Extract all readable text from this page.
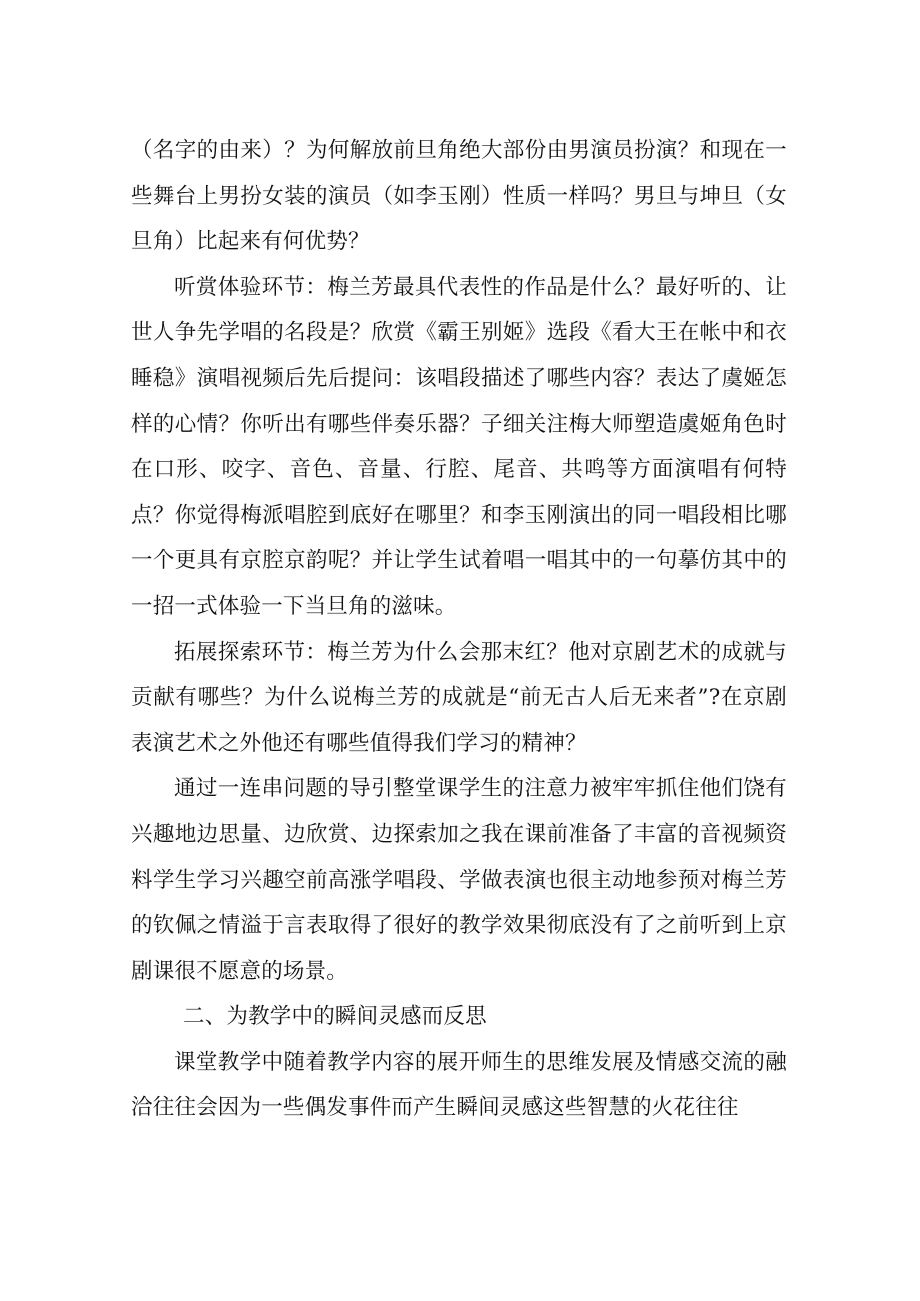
（名字的由来）？为何解放前旦角绝大部份由男演员扮演？和现在一些舞台上男扮女装的演员（如李玉刚）性质一样吗？男旦与坤旦（女旦角）比起来有何优势？

听赏体验环节：梅兰芳最具代表性的作品是什么？最好听的、让世人争先学唱的名段是？欣赏《霸王别姬》选段《看大王在帐中和衣睡稳》演唱视频后先后提问：该唱段描述了哪些内容？表达了虞姬怎样的心情？你听出有哪些伴奏乐器？子细关注梅大师塑造虞姬角色时在口形、咬字、音色、音量、行腔、尾音、共鸣等方面演唱有何特点？你觉得梅派唱腔到底好在哪里？和李玉刚演出的同一唱段相比哪一个更具有京腔京韵呢？并让学生试着唱一唱其中的一句摹仿其中的一招一式体验一下当旦角的滋味。

拓展探索环节：梅兰芳为什么会那末红？他对京剧艺术的成就与贡献有哪些？为什么说梅兰芳的成就是“前无古人后无来者”?在京剧表演艺术之外他还有哪些值得我们学习的精神？

通过一连串问题的导引整堂课学生的注意力被牢牢抓住他们饶有兴趣地边思量、边欣赏、边探索加之我在课前准备了丰富的音视频资料学生学习兴趣空前高涨学唱段、学做表演也很主动地参预对梅兰芳的钦佩之情溢于言表取得了很好的教学效果彻底没有了之前听到上京剧课很不愿意的场景。

二、为教学中的瞬间灵感而反思

课堂教学中随着教学内容的展开师生的思维发展及情感交流的融洽往往会因为一些偶发事件而产生瞬间灵感这些智慧的火花往往
